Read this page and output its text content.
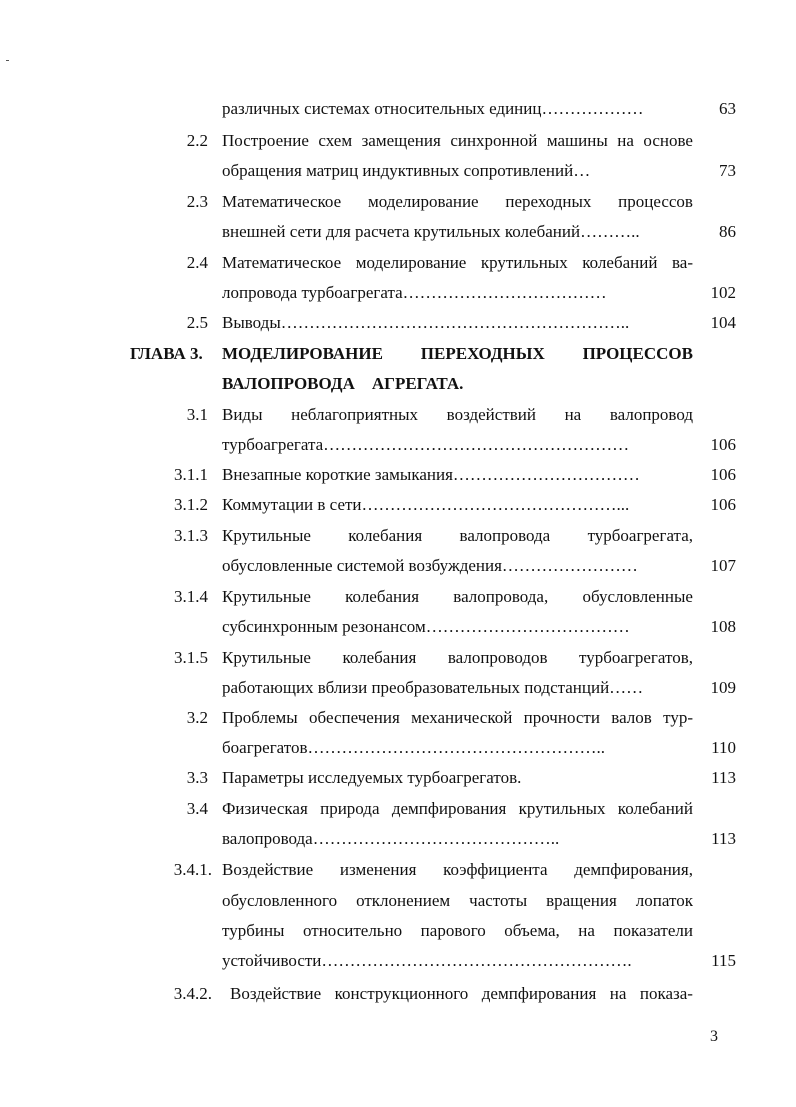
различных системах относительных единиц………………	63
2.2 Построение схем замещения синхронной машины на основе
обращения матриц индуктивных сопротивлений…	73
2.3 Математическое моделирование переходных процессов
внешней сети для расчета крутильных колебаний………..	86
2.4 Математическое моделирование крутильных колебаний ва-
лопровода турбоагрегата………………………………	102
2.5 Выводы……………………………………………………..	104
ГЛАВА 3. МОДЕЛИРОВАНИЕ ПЕРЕХОДНЫХ ПРОЦЕССОВ
ВАЛОПРОВОДА    АГРЕГАТА.
3.1 Виды неблагоприятных воздействий на валопровод
турбоагрегата………………………………………………	106
3.1.1 Внезапные короткие замыкания……………………………	106
3.1.2 Коммутации в сети………………………………………...	106
3.1.3 Крутильные колебания валопровода турбоагрегата,
обусловленные системой возбуждения……………………	107
3.1.4 Крутильные колебания валопровода, обусловленные
субсинхронным резонансом………………………………	108
3.1.5 Крутильные колебания валопроводов турбоагрегатов,
работающих вблизи преобразовательных подстанций……	109
3.2 Проблемы обеспечения механической прочности валов тур-
боагрегатов……………………………………………..	110
3.3 Параметры исследуемых турбоагрегатов.	113
3.4 Физическая природа демпфирования крутильных колебаний
валопровода……………………………………..	113
3.4.1. Воздействие изменения коэффициента демпфирования,
обусловленного отклонением частоты вращения лопаток
турбины относительно парового объема, на показатели
устойчивости……………………………………………….	115
3.4.2. Воздействие конструкционного демпфирования на показа-
3
